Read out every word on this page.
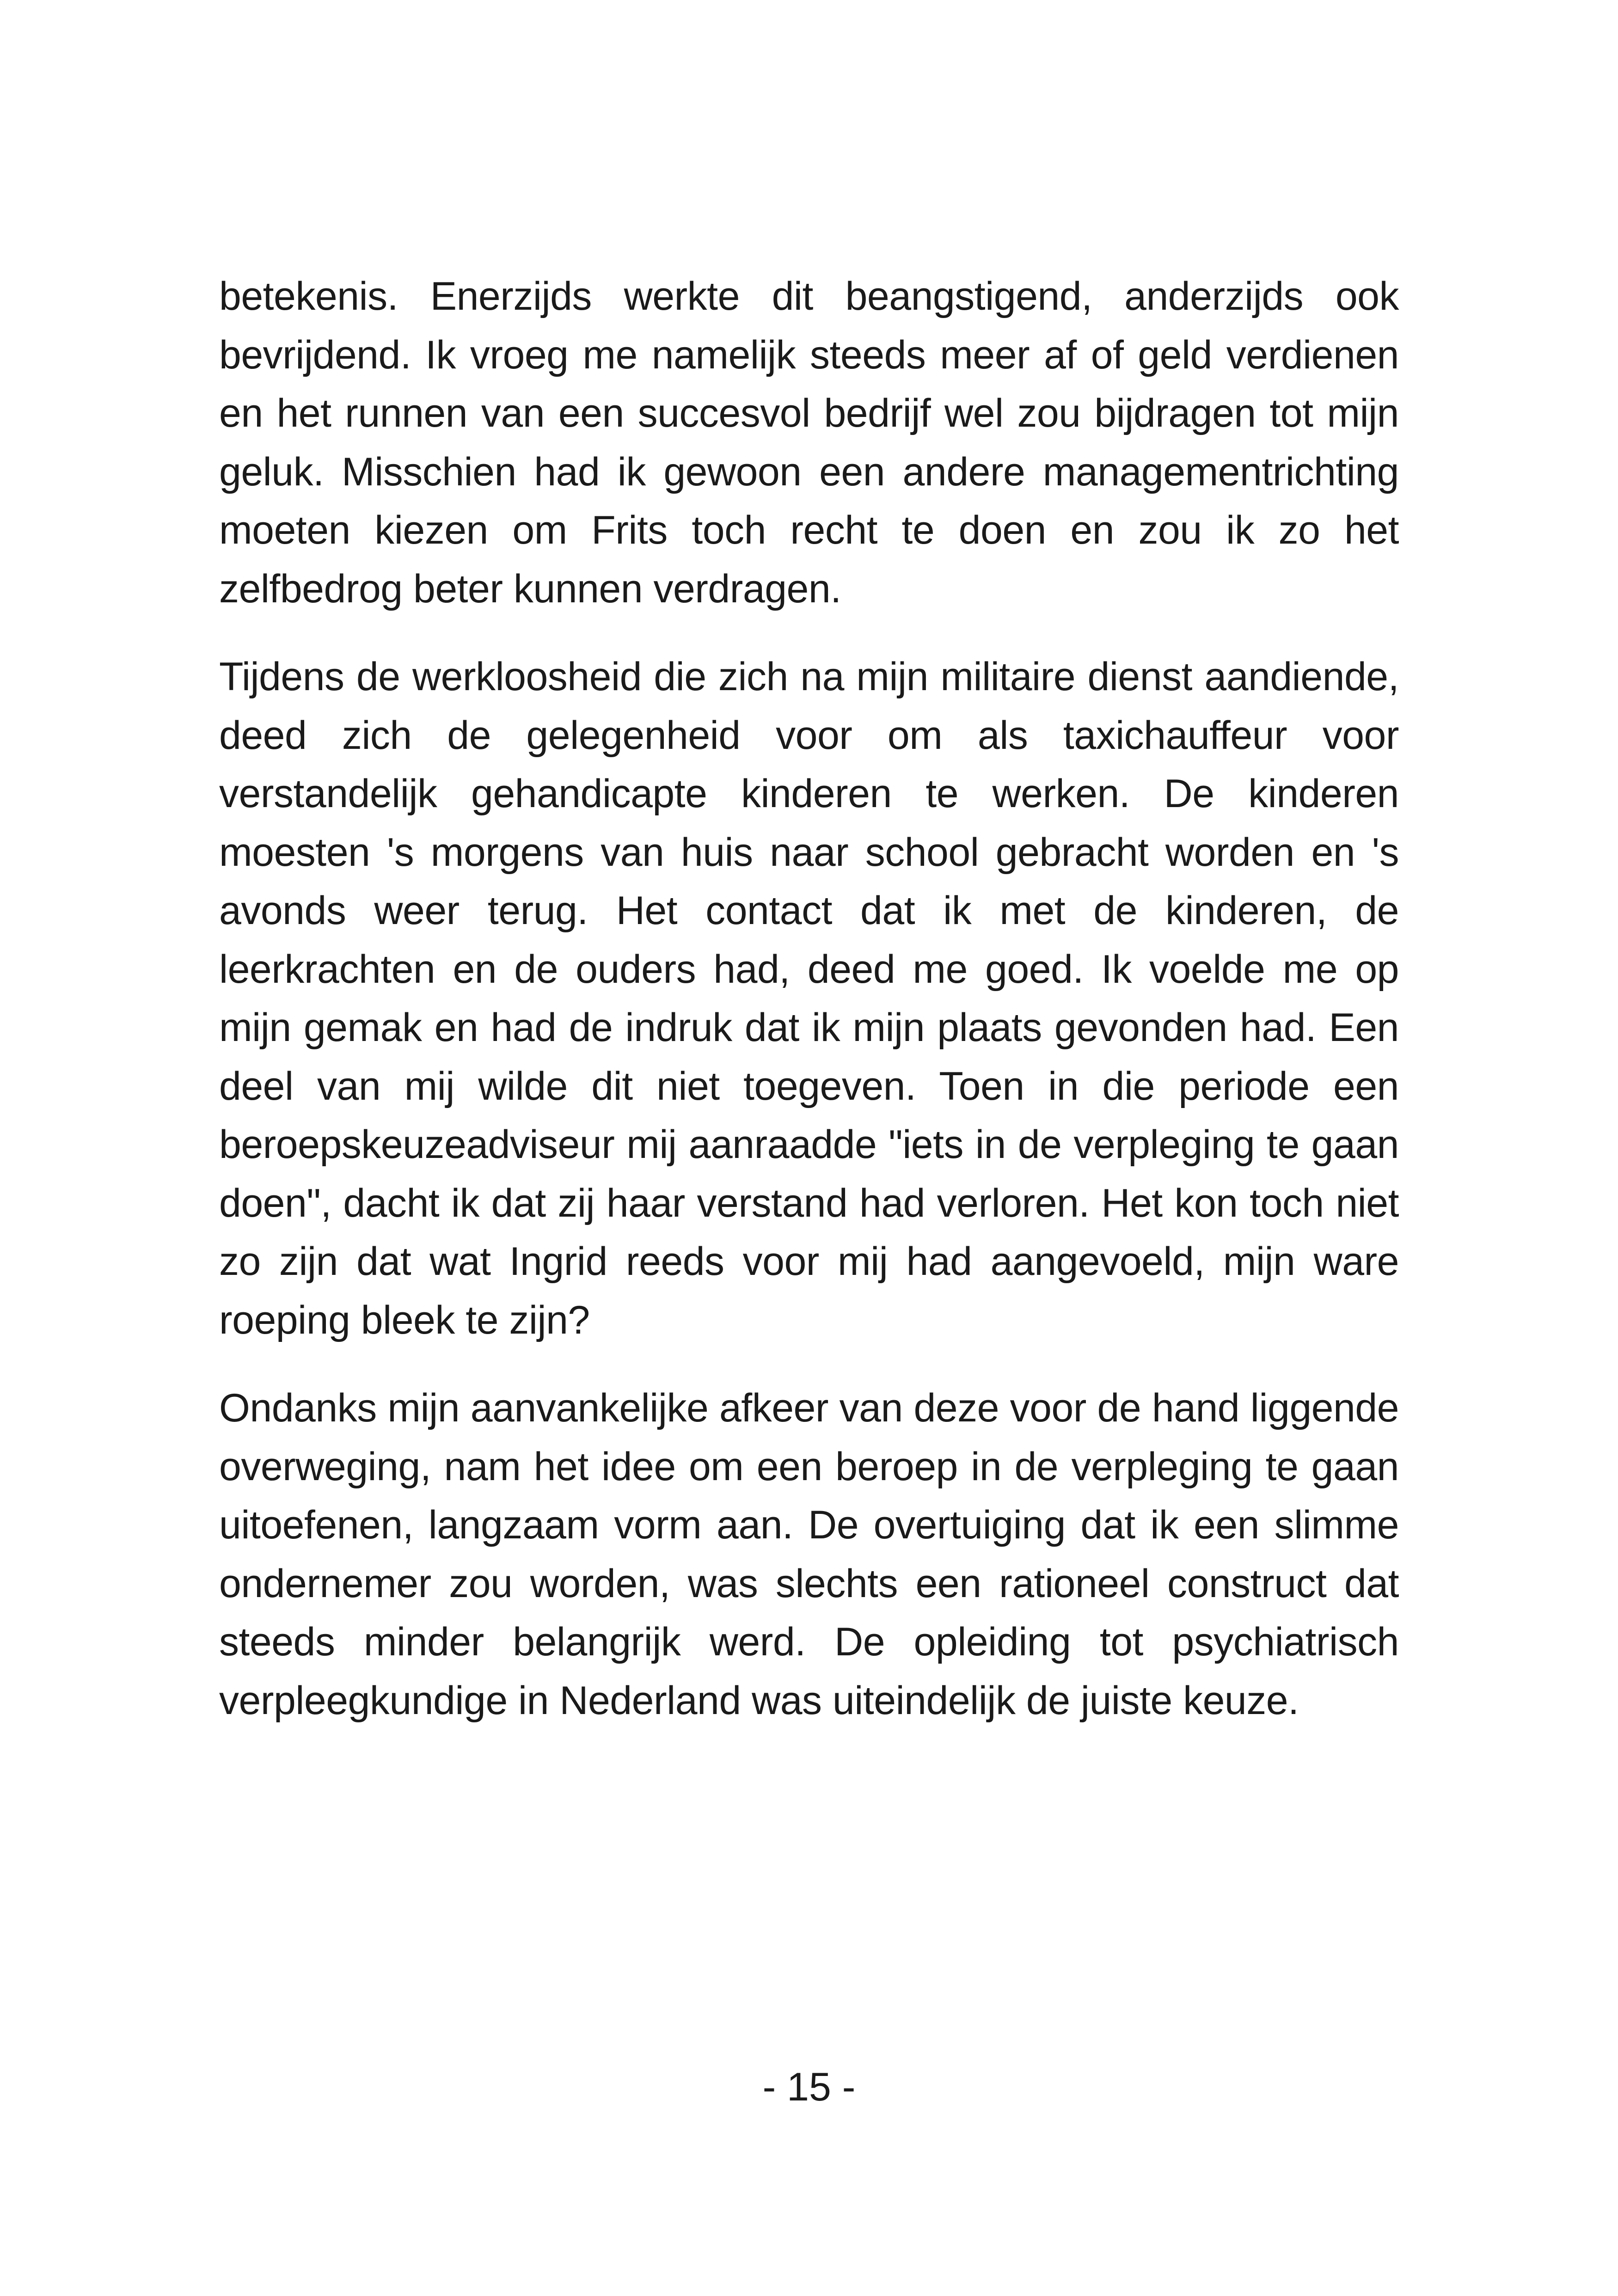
betekenis. Enerzijds werkte dit beangstigend, anderzijds ook bevrijdend. Ik vroeg me namelijk steeds meer af of geld verdienen en het runnen van een succesvol bedrijf wel zou bijdragen tot mijn geluk. Misschien had ik gewoon een andere managementrichting moeten kiezen om Frits toch recht te doen en zou ik zo het zelfbedrog beter kunnen verdragen.

Tijdens de werkloosheid die zich na mijn militaire dienst aandiende, deed zich de gelegenheid voor om als taxichauffeur voor verstandelijk gehandicapte kinderen te werken. De kinderen moesten 's morgens van huis naar school gebracht worden en 's avonds weer terug. Het contact dat ik met de kinderen, de leerkrachten en de ouders had, deed me goed. Ik voelde me op mijn gemak en had de indruk dat ik mijn plaats gevonden had. Een deel van mij wilde dit niet toegeven. Toen in die periode een beroepskeuzeadviseur mij aanraadde "iets in de verpleging te gaan doen", dacht ik dat zij haar verstand had verloren. Het kon toch niet zo zijn dat wat Ingrid reeds voor mij had aangevoeld, mijn ware roeping bleek te zijn?

Ondanks mijn aanvankelijke afkeer van deze voor de hand liggende overweging, nam het idee om een beroep in de verpleging te gaan uitoefenen, langzaam vorm aan. De overtuiging dat ik een slimme ondernemer zou worden, was slechts een rationeel construct dat steeds minder belangrijk werd. De opleiding tot psychiatrisch verpleegkundige in Nederland was uiteindelijk de juiste keuze.

- 15 -
